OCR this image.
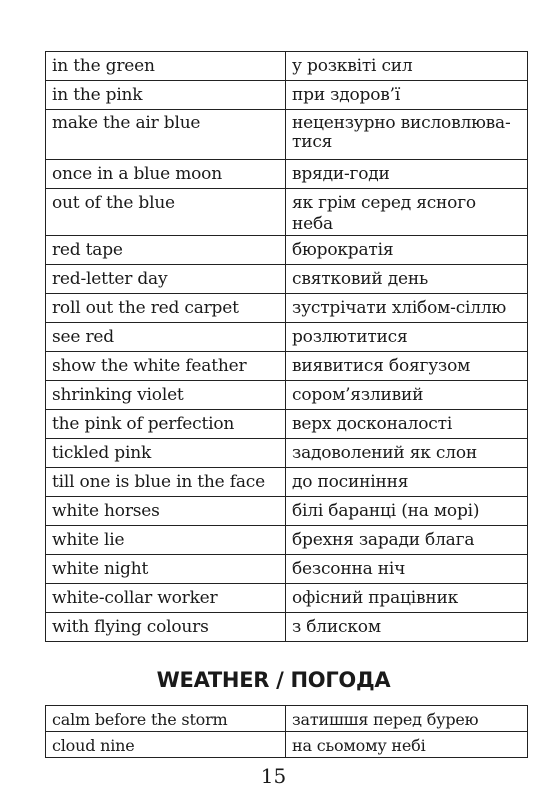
in the green	у розквіті сил
in the pink	при здоров’ї
make the air blue	нецензурно висловлюва-
тися
once in a blue moon	вряди-годи
out of the blue	як грім серед ясного неба
red tape	бюрократія
red-letter day	святковий день
roll out the red carpet	зустрічати хлібом-сіллю
see red	розлютитися
show the white feather	виявитися боягузом
shrinking violet	сором’язливий
the pink of perfection	верх досконалості
tickled pink	задоволений як слон
till one is blue in the face	до посиніння
white horses	білі баранці (на морі)
white lie	брехня заради блага
white night	безсонна ніч
white-collar worker	офісний працівник
with flying colours	з блиском
WEATHER / ПОГОДА
calm before the storm	затишшя перед бурею
cloud nine	на сьомому небі
15
